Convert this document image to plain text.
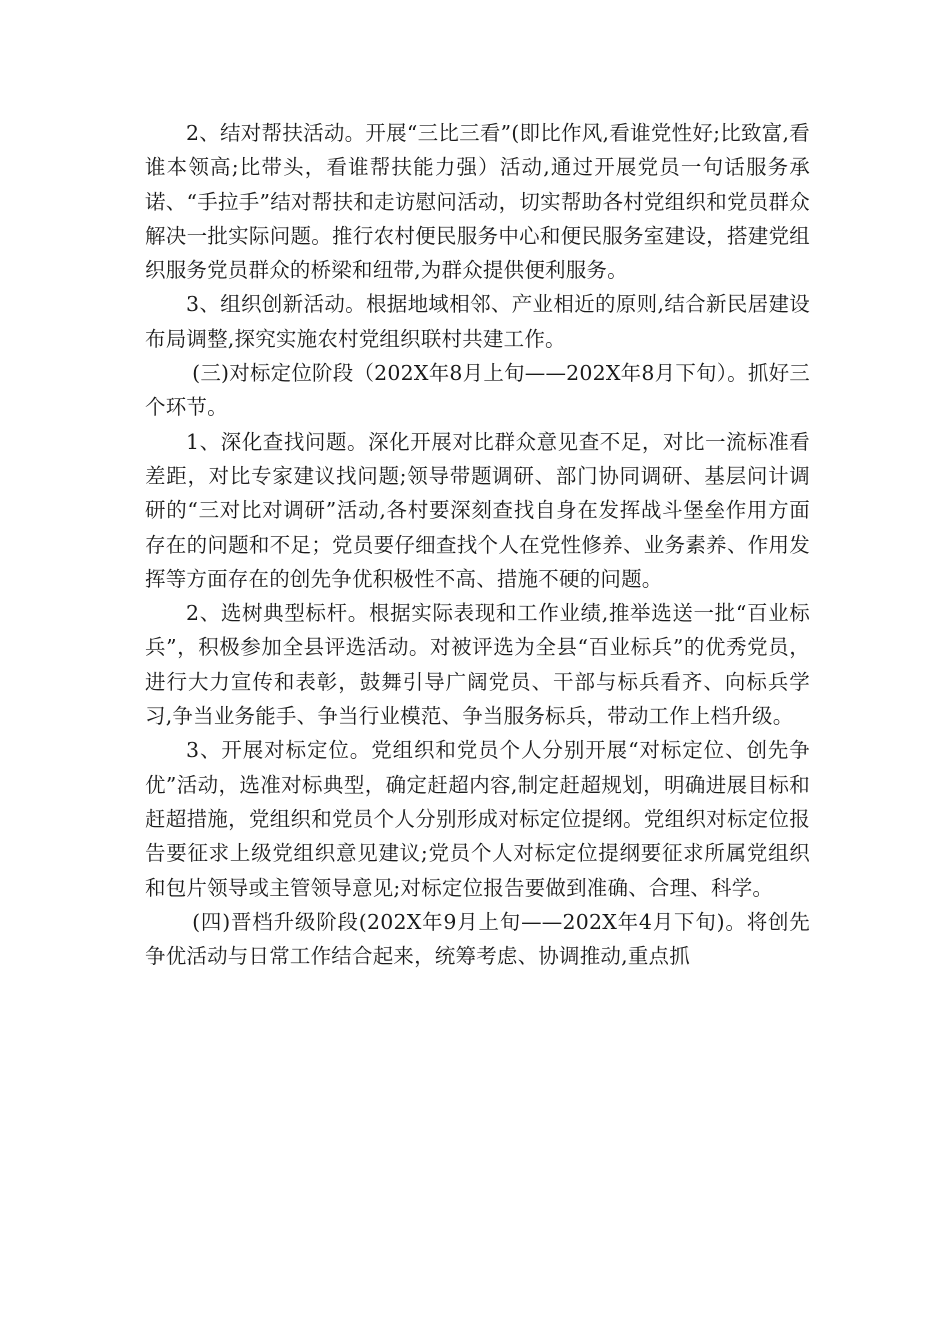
2、结对帮扶活动。开展“三比三看”(即比作风,看谁党性好;比致富,看谁本领高;比带头，看谁帮扶能力强）活动,通过开展党员一句话服务承诺、“手拉手”结对帮扶和走访慰问活动，切实帮助各村党组织和党员群众解决一批实际问题。推行农村便民服务中心和便民服务室建设，搭建党组织服务党员群众的桥梁和纽带,为群众提供便利服务。

3、组织创新活动。根据地域相邻、产业相近的原则,结合新民居建设布局调整,探究实施农村党组织联村共建工作。

(三)对标定位阶段（202X年8月上旬——202X年8月下旬）。抓好三个环节。

1、深化查找问题。深化开展对比群众意见查不足，对比一流标准看差距，对比专家建议找问题;领导带题调研、部门协同调研、基层问计调研的“三对比对调研”活动,各村要深刻查找自身在发挥战斗堡垒作用方面存在的问题和不足；党员要仔细查找个人在党性修养、业务素养、作用发挥等方面存在的创先争优积极性不高、措施不硬的问题。

2、选树典型标杆。根据实际表现和工作业绩,推举选送一批“百业标兵”，积极参加全县评选活动。对被评选为全县“百业标兵”的优秀党员，进行大力宣传和表彰，鼓舞引导广阔党员、干部与标兵看齐、向标兵学习,争当业务能手、争当行业模范、争当服务标兵，带动工作上档升级。

3、开展对标定位。党组织和党员个人分别开展“对标定位、创先争优”活动，选准对标典型，确定赶超内容,制定赶超规划，明确进展目标和赶超措施，党组织和党员个人分别形成对标定位提纲。党组织对标定位报告要征求上级党组织意见建议;党员个人对标定位提纲要征求所属党组织和包片领导或主管领导意见;对标定位报告要做到准确、合理、科学。

(四)晋档升级阶段(202X年9月上旬——202X年4月下旬)。将创先争优活动与日常工作结合起来，统筹考虑、协调推动,重点抓
